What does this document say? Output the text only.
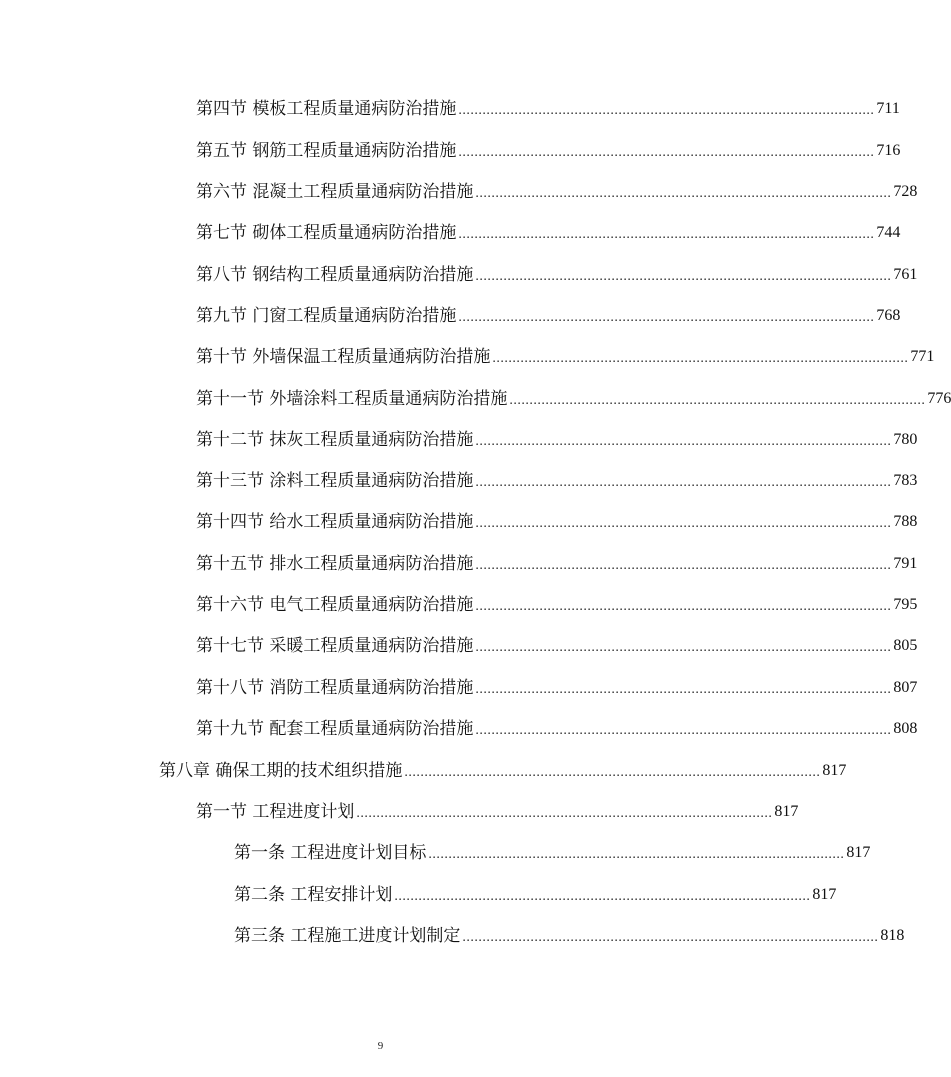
第四节 模板工程质量通病防治措施 ........................................................................................................ 711
第五节 钢筋工程质量通病防治措施 ........................................................................................................ 716
第六节 混凝土工程质量通病防治措施 ........................................................................................................ 728
第七节 砌体工程质量通病防治措施 ........................................................................................................ 744
第八节 钢结构工程质量通病防治措施 ........................................................................................................ 761
第九节 门窗工程质量通病防治措施 ........................................................................................................ 768
第十节 外墙保温工程质量通病防治措施 ........................................................................................................ 771
第十一节 外墙涂料工程质量通病防治措施 ........................................................................................................ 776
第十二节 抹灰工程质量通病防治措施 ........................................................................................................ 780
第十三节 涂料工程质量通病防治措施 ........................................................................................................ 783
第十四节 给水工程质量通病防治措施 ........................................................................................................ 788
第十五节 排水工程质量通病防治措施 ........................................................................................................ 791
第十六节 电气工程质量通病防治措施 ........................................................................................................ 795
第十七节 采暖工程质量通病防治措施 ........................................................................................................ 805
第十八节 消防工程质量通病防治措施 ........................................................................................................ 807
第十九节 配套工程质量通病防治措施 ........................................................................................................ 808
第八章 确保工期的技术组织措施 ........................................................................................................ 817
第一节 工程进度计划 ........................................................................................................ 817
第一条 工程进度计划目标 ........................................................................................................ 817
第二条 工程安排计划 ........................................................................................................ 817
第三条 工程施工进度计划制定 ........................................................................................................ 818
9
